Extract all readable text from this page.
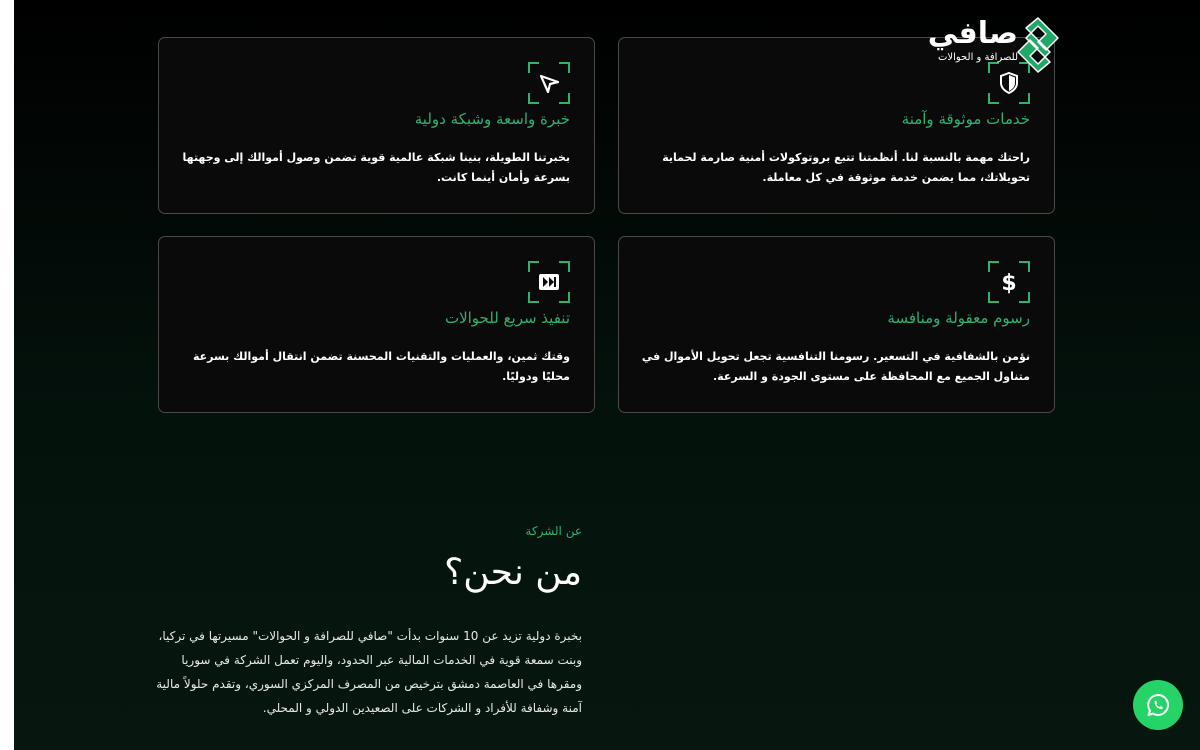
خبرة واسعة وشبكة دولية
بخبرتنا الطويلة، بنينا شبكة عالمية قوية تضمن وصول أموالك إلى وجهتها بسرعة وأمان أينما كانت.
خدمات موثوقة وآمنة
راحتك مهمة بالنسبة لنا. أنظمتنا تتبع بروتوكولات أمنية صارمة لحماية تحويلاتك، مما يضمن خدمة موثوقة في كل معاملة.
تنفيذ سريع للحوالات
وقتك ثمين، والعمليات والتقنيات المحسنة تضمن انتقال أموالك بسرعة محليًا ودوليًا.
$
رسوم معقولة ومنافسة
نؤمن بالشفافية في التسعير. رسومنا التنافسية تجعل تحويل الأموال في متناول الجميع مع المحافظة على مستوى الجودة و السرعة.
صافي
للصرافة و الحوالات
عن الشركة
من نحن؟
بخبرة دولية تزيد عن 10 سنوات بدأت "صافي للصرافة و الحوالات" مسيرتها في تركيا، وبنت سمعة قوية في الخدمات المالية عبر الحدود، واليوم تعمل الشركة في سوريا ومقرها في العاصمة دمشق بترخيص من المصرف المركزي السوري، وتقدم حلولاً مالية آمنة وشفافة للأفراد و الشركات على الصعيدين الدولي و المحلي.
